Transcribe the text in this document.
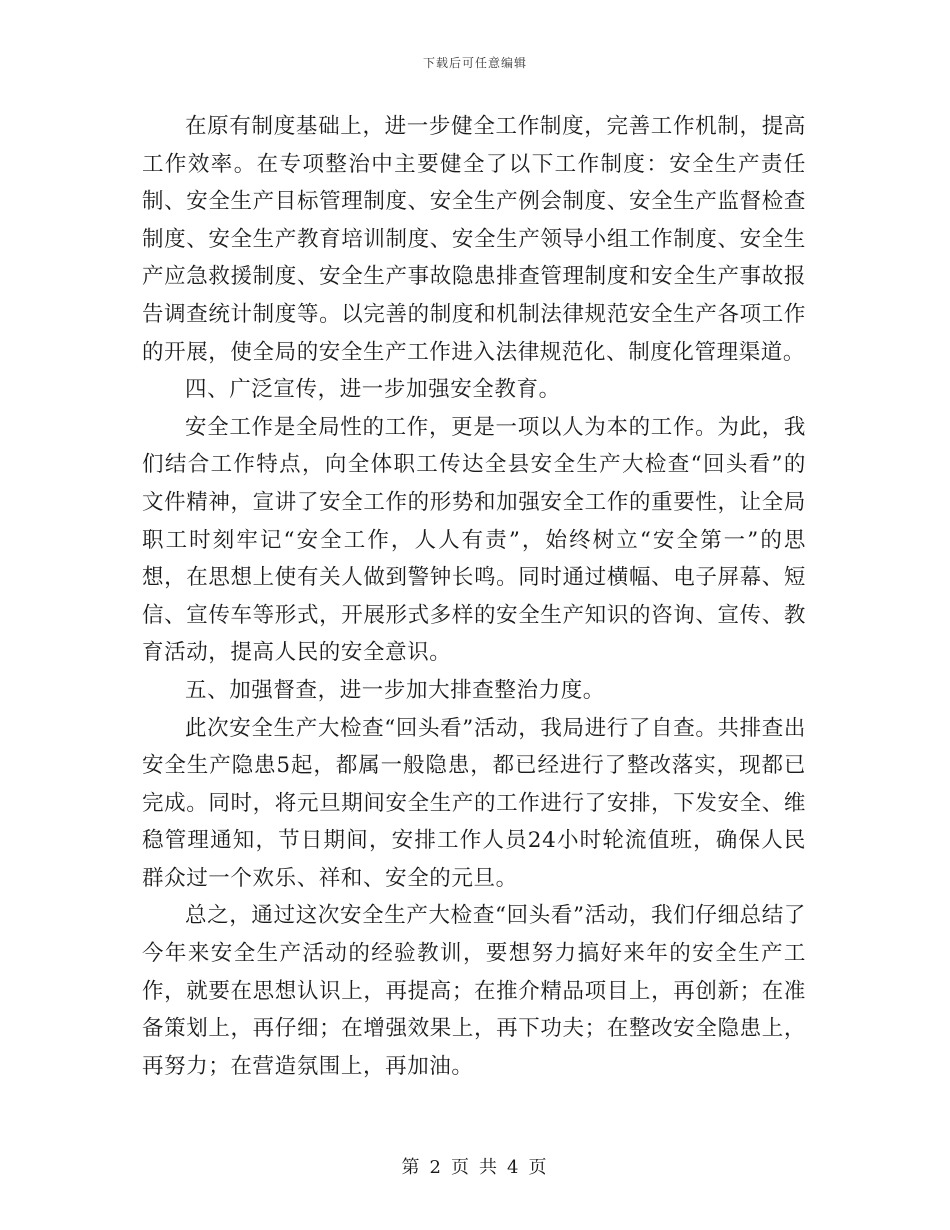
下载后可任意编辑

在原有制度基础上，进一步健全工作制度，完善工作机制，提高工作效率。在专项整治中主要健全了以下工作制度：安全生产责任制、安全生产目标管理制度、安全生产例会制度、安全生产监督检查制度、安全生产教育培训制度、安全生产领导小组工作制度、安全生产应急救援制度、安全生产事故隐患排查管理制度和安全生产事故报告调查统计制度等。以完善的制度和机制法律规范安全生产各项工作的开展，使全局的安全生产工作进入法律规范化、制度化管理渠道。

四、广泛宣传，进一步加强安全教育。

安全工作是全局性的工作，更是一项以人为本的工作。为此，我们结合工作特点，向全体职工传达全县安全生产大检查“回头看”的文件精神，宣讲了安全工作的形势和加强安全工作的重要性，让全局职工时刻牢记“安全工作，人人有责”，始终树立“安全第一”的思想，在思想上使有关人做到警钟长鸣。同时通过横幅、电子屏幕、短信、宣传车等形式，开展形式多样的安全生产知识的咨询、宣传、教育活动，提高人民的安全意识。

五、加强督查，进一步加大排查整治力度。

此次安全生产大检查“回头看”活动，我局进行了自查。共排查出安全生产隐患5起，都属一般隐患，都已经进行了整改落实，现都已完成。同时，将元旦期间安全生产的工作进行了安排，下发安全、维稳管理通知，节日期间，安排工作人员24小时轮流值班，确保人民群众过一个欢乐、祥和、安全的元旦。

总之，通过这次安全生产大检查“回头看”活动，我们仔细总结了今年来安全生产活动的经验教训，要想努力搞好来年的安全生产工作，就要在思想认识上，再提高；在推介精品项目上，再创新；在准备策划上，再仔细；在增强效果上，再下功夫；在整改安全隐患上，再努力；在营造氛围上，再加油。

第 2 页 共 4 页
